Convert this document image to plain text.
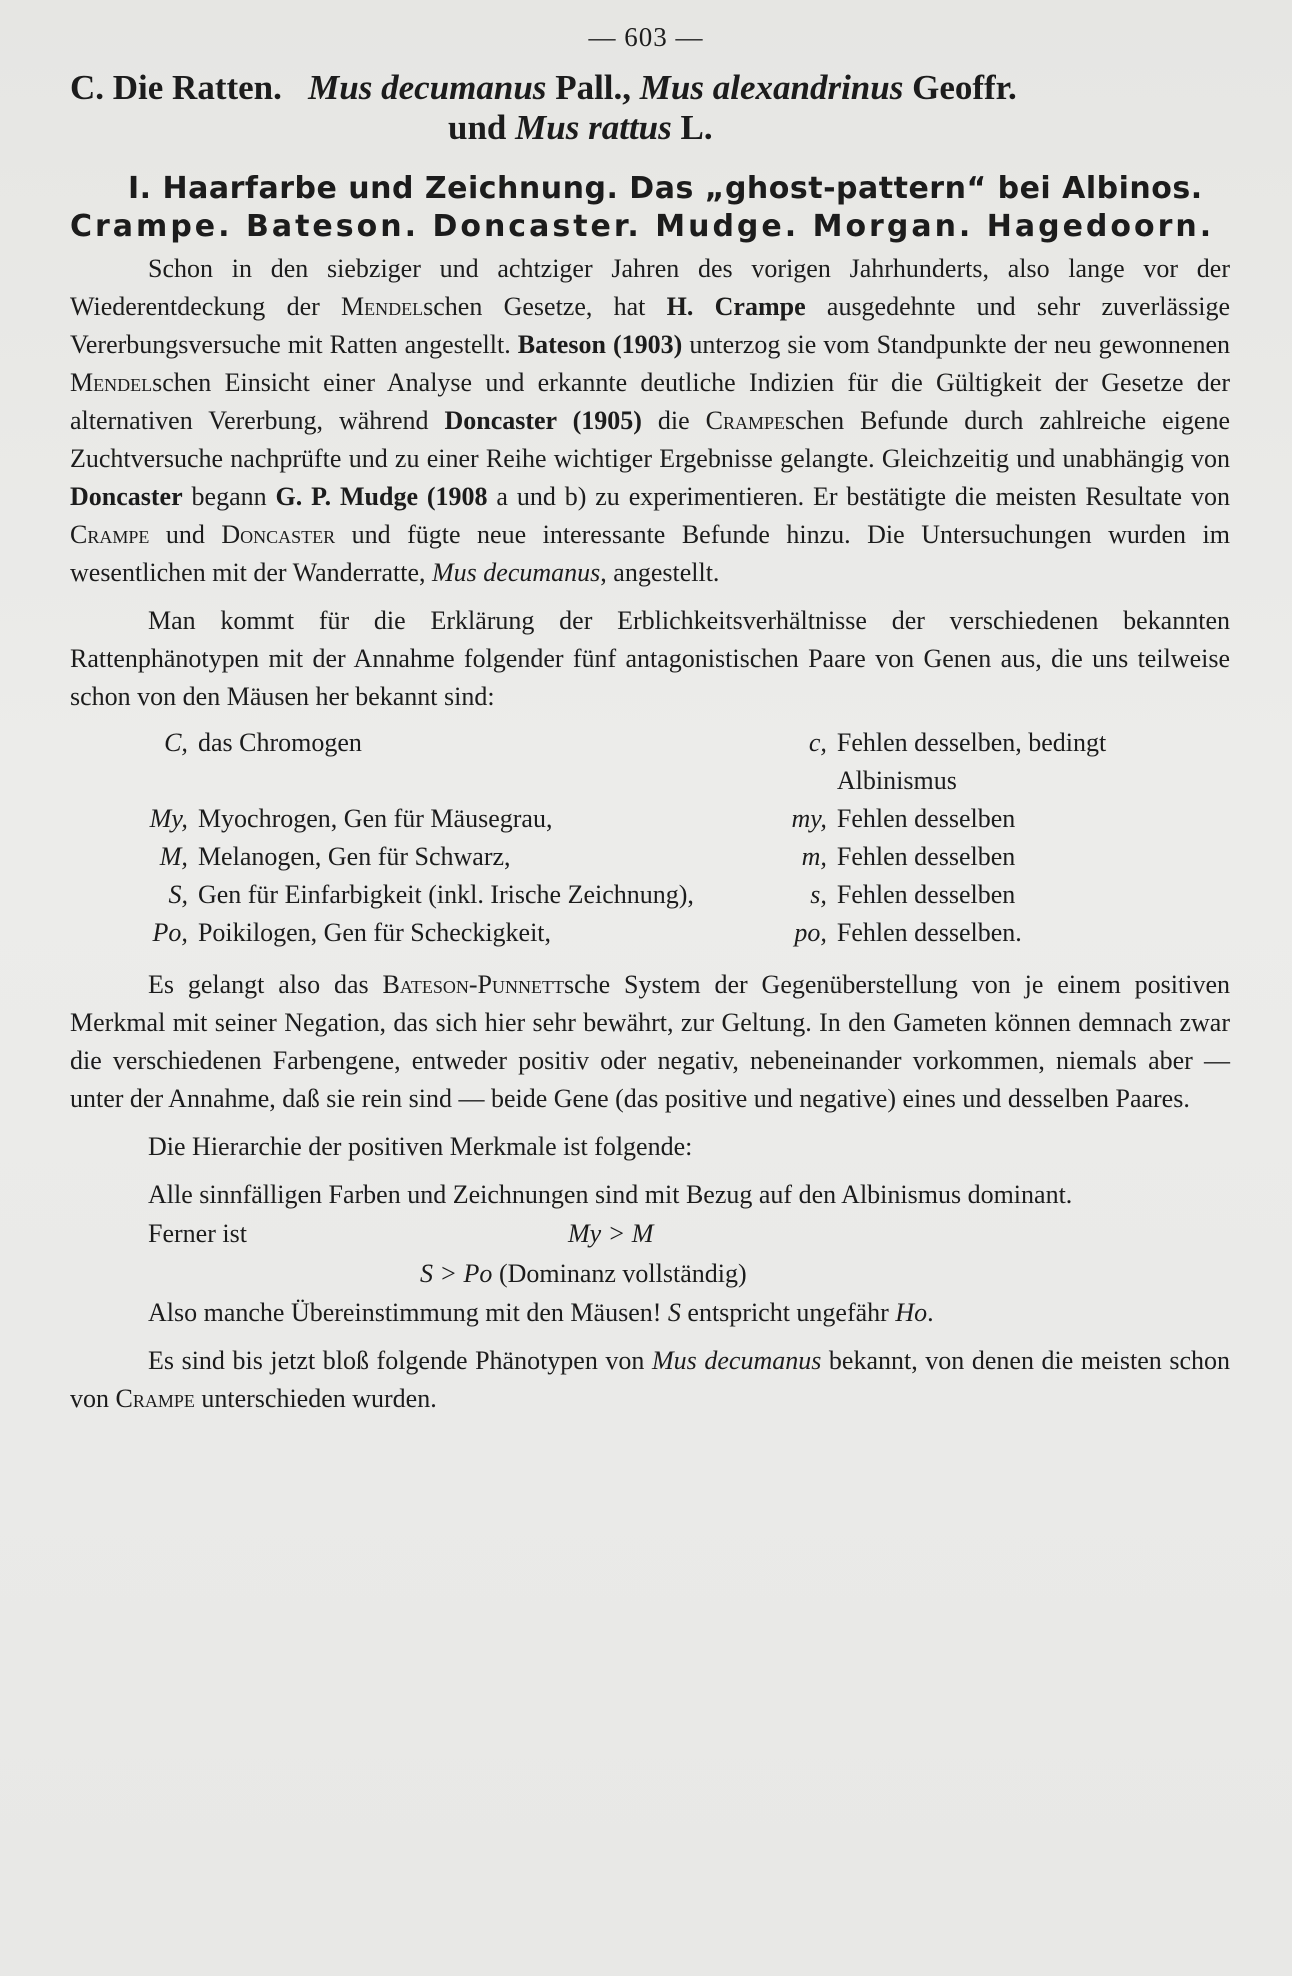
— 603 —
C. Die Ratten. Mus decumanus Pall., Mus alexandrinus Geoffr.
und Mus rattus L.
I. Haarfarbe und Zeichnung. Das „ghost-pattern“ bei Albinos.
Crampe. Bateson. Doncaster. Mudge. Morgan. Hagedoorn.

Schon in den siebziger und achtziger Jahren des vorigen Jahrhunderts, also lange vor der Wiederentdeckung der Mendelschen Gesetze, hat H. Crampe ausgedehnte und sehr zuverlässige Vererbungsversuche mit Ratten angestellt. Bateson (1903) unterzog sie vom Standpunkte der neu gewonnenen Mendelschen Einsicht einer Analyse und erkannte deutliche Indizien für die Gültigkeit der Gesetze der alternativen Vererbung, während Doncaster (1905) die Crampeschen Befunde durch zahlreiche eigene Zuchtversuche nachprüfte und zu einer Reihe wichtiger Ergebnisse gelangte. Gleichzeitig und unabhängig von Doncaster begann G. P. Mudge (1908 a und b) zu experimentieren. Er bestätigte die meisten Resultate von Crampe und Doncaster und fügte neue interessante Befunde hinzu. Die Untersuchungen wurden im wesentlichen mit der Wanderratte, Mus decumanus, angestellt.

Man kommt für die Erklärung der Erblichkeitsverhältnisse der verschiedenen bekannten Rattenphänotypen mit der Annahme folgender fünf antagonistischen Paare von Genen aus, die uns teilweise schon von den Mäusen her bekannt sind:

C, das Chromogen	c, Fehlen desselben, bedingt Albinismus
My, Myochrogen, Gen für Mäusegrau,	my, Fehlen desselben
M, Melanogen, Gen für Schwarz,	m, Fehlen desselben
S, Gen für Einfarbigkeit (inkl. Irische Zeichnung),	s, Fehlen desselben
Po, Poikilogen, Gen für Scheckigkeit,	po, Fehlen desselben.

Es gelangt also das Bateson-Punnettsche System der Gegenüberstellung von je einem positiven Merkmal mit seiner Negation, das sich hier sehr bewährt, zur Geltung. In den Gameten können demnach zwar die verschiedenen Farbengene, entweder positiv oder negativ, nebeneinander vorkommen, niemals aber — unter der Annahme, daß sie rein sind — beide Gene (das positive und negative) eines und desselben Paares.

Die Hierarchie der positiven Merkmale ist folgende:

Alle sinnfälligen Farben und Zeichnungen sind mit Bezug auf den Albinismus dominant.

Ferner ist	My > M
S > Po (Dominanz vollständig)

Also manche Übereinstimmung mit den Mäusen! S entspricht ungefähr Ho.

Es sind bis jetzt bloß folgende Phänotypen von Mus decumanus bekannt, von denen die meisten schon von Crampe unterschieden wurden.
